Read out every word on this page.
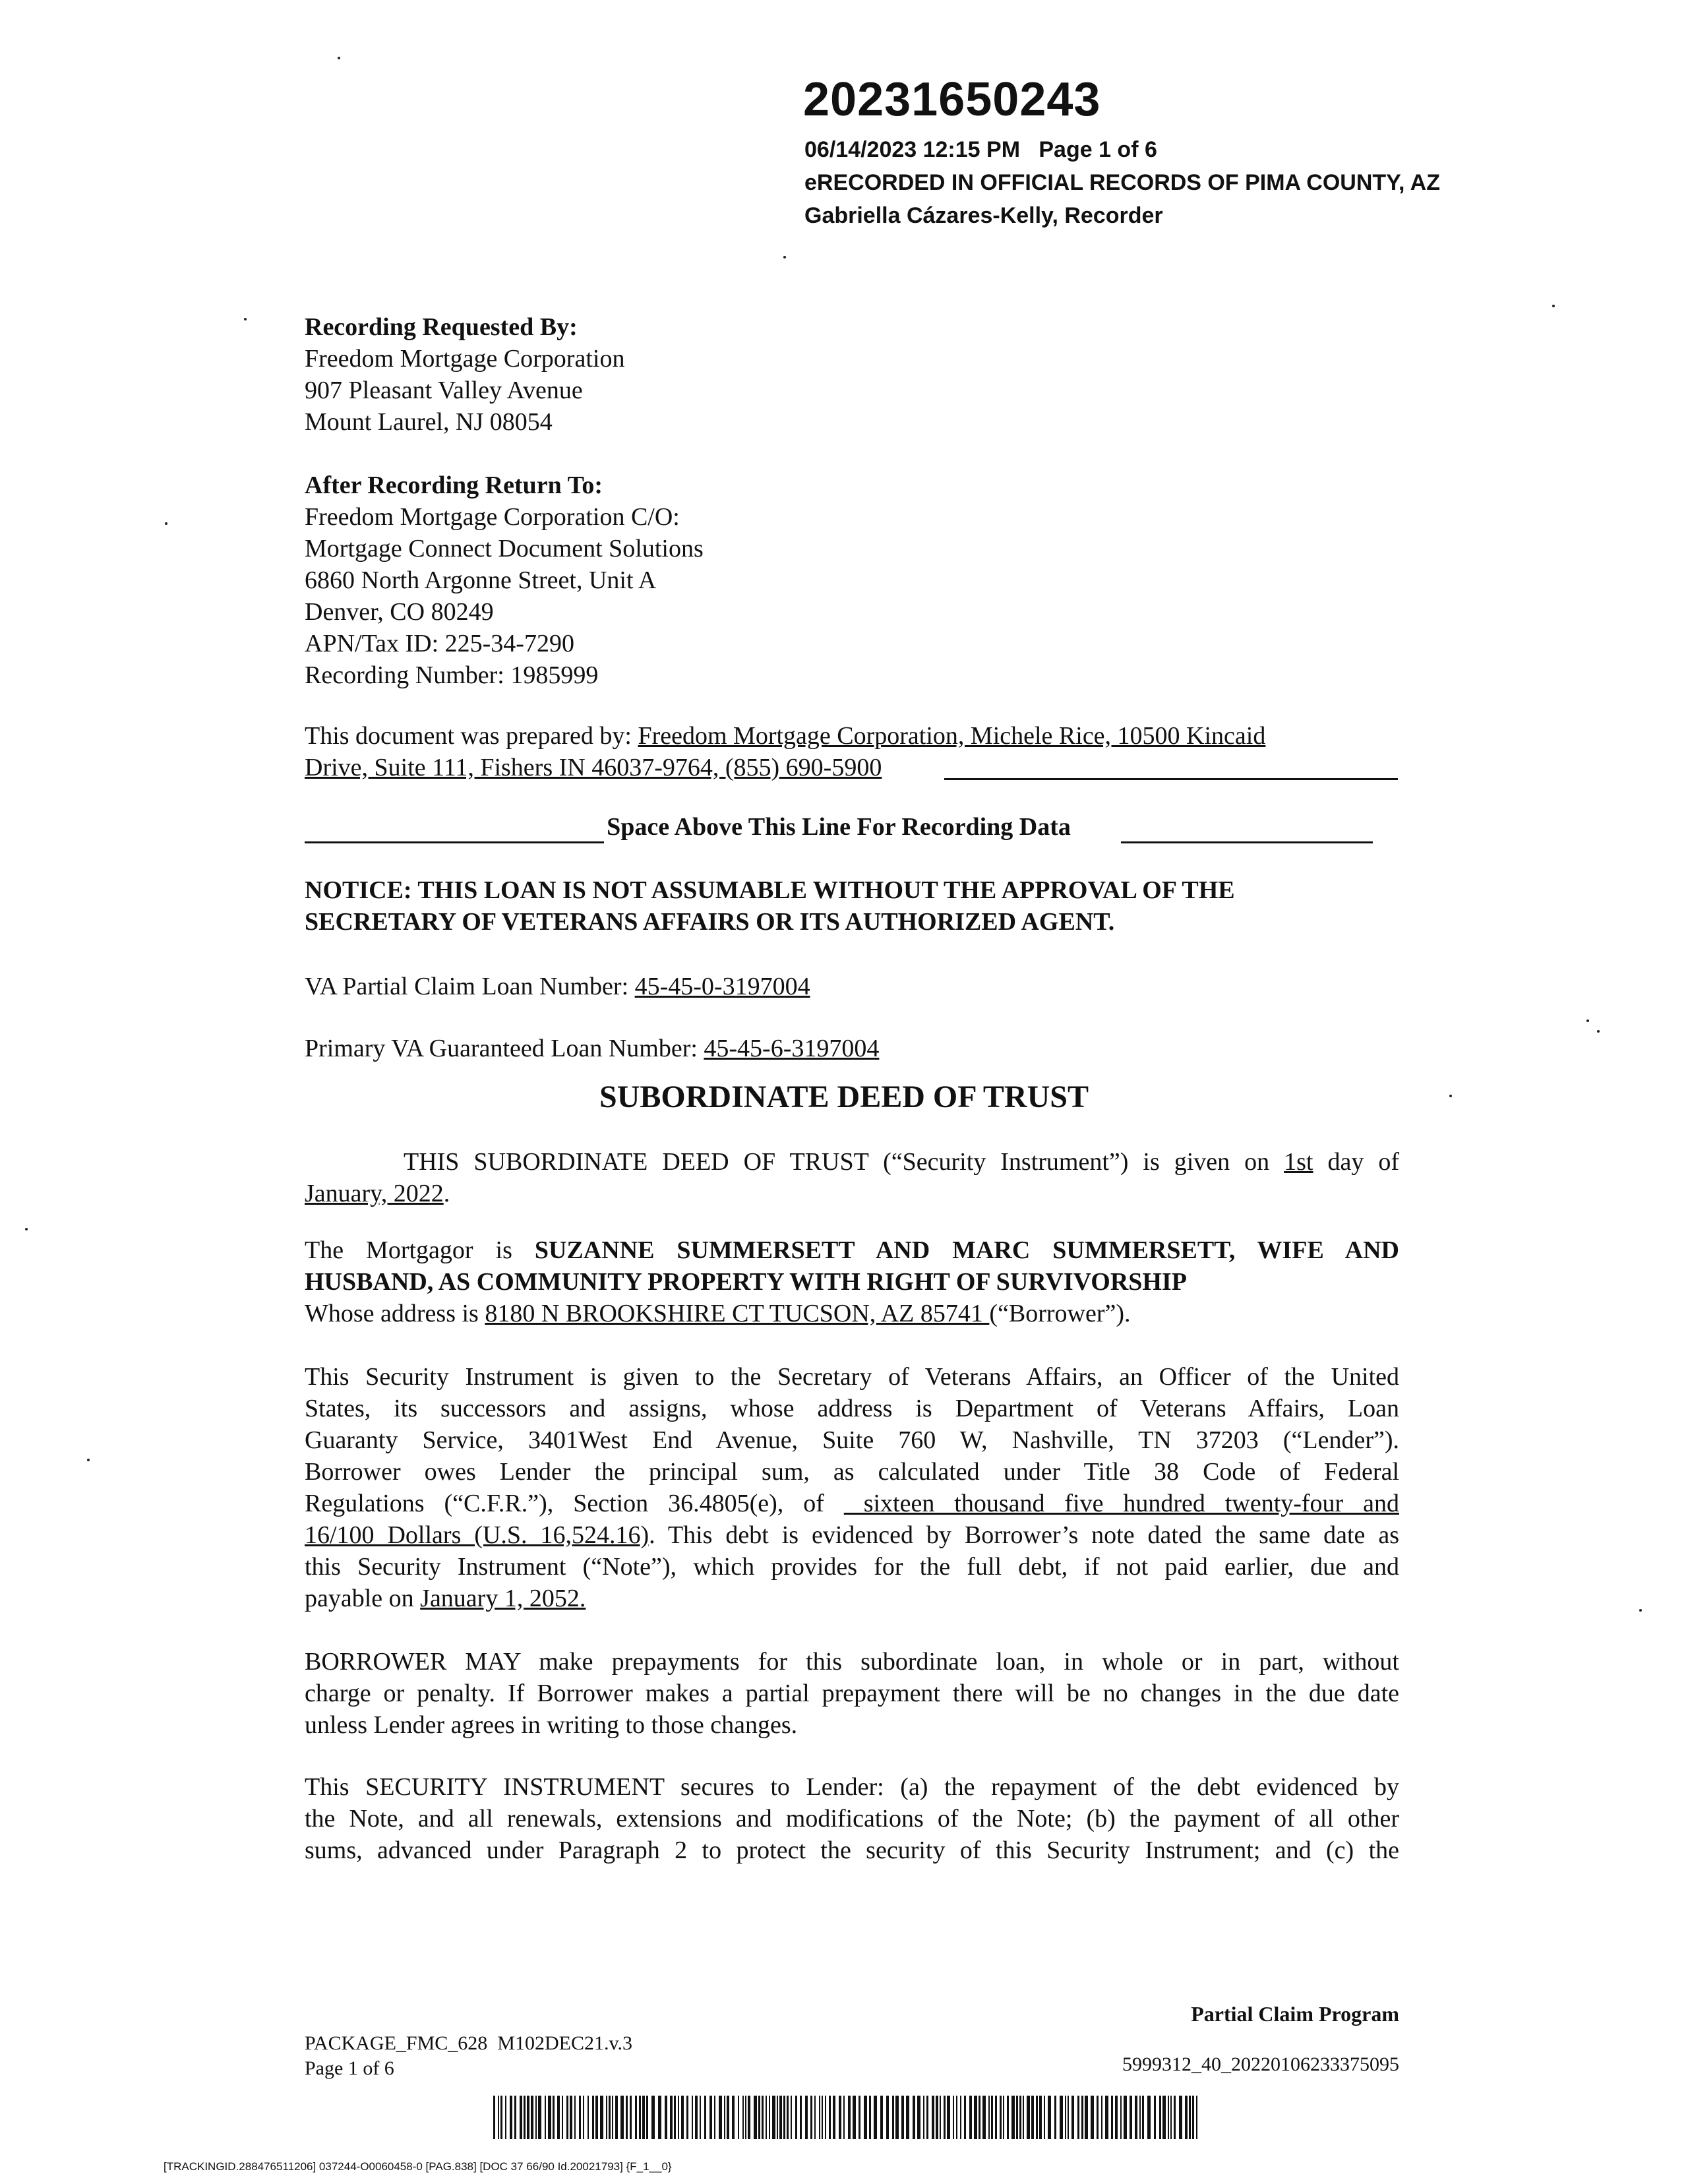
20231650243
06/14/2023 12:15 PM   Page 1 of 6
eRECORDED IN OFFICIAL RECORDS OF PIMA COUNTY, AZ
Gabriella Cázares-Kelly, Recorder
Recording Requested By:
Freedom Mortgage Corporation
907 Pleasant Valley Avenue
Mount Laurel, NJ 08054
After Recording Return To:
Freedom Mortgage Corporation C/O:
Mortgage Connect Document Solutions
6860 North Argonne Street, Unit A
Denver, CO 80249
APN/Tax ID: 225-34-7290
Recording Number: 1985999
This document was prepared by: Freedom Mortgage Corporation, Michele Rice, 10500 Kincaid
Drive, Suite 111, Fishers IN 46037-9764, (855) 690-5900
Space Above This Line For Recording Data
NOTICE: THIS LOAN IS NOT ASSUMABLE WITHOUT THE APPROVAL OF THE
SECRETARY OF VETERANS AFFAIRS OR ITS AUTHORIZED AGENT.
VA Partial Claim Loan Number: 45-45-0-3197004
Primary VA Guaranteed Loan Number: 45-45-6-3197004
SUBORDINATE DEED OF TRUST
THIS SUBORDINATE DEED OF TRUST (“Security Instrument”) is given on 1st day of
January, 2022.
The Mortgagor is SUZANNE SUMMERSETT AND MARC SUMMERSETT, WIFE AND
HUSBAND, AS COMMUNITY PROPERTY WITH RIGHT OF SURVIVORSHIP
Whose address is 8180 N BROOKSHIRE CT TUCSON, AZ 85741 (“Borrower”).
This Security Instrument is given to the Secretary of Veterans Affairs, an Officer of the United
States, its successors and assigns, whose address is Department of Veterans Affairs, Loan
Guaranty Service, 3401West End Avenue, Suite 760 W, Nashville, TN 37203 (“Lender”).
Borrower owes Lender the principal sum, as calculated under Title 38 Code of Federal
Regulations (“C.F.R.”), Section 36.4805(e), of  sixteen thousand five hundred twenty-four and
16/100 Dollars (U.S. 16,524.16). This debt is evidenced by Borrower’s note dated the same date as
this Security Instrument (“Note”), which provides for the full debt, if not paid earlier, due and
payable on January 1, 2052.
BORROWER MAY make prepayments for this subordinate loan, in whole or in part, without
charge or penalty. If Borrower makes a partial prepayment there will be no changes in the due date
unless Lender agrees in writing to those changes.
This SECURITY INSTRUMENT secures to Lender: (a) the repayment of the debt evidenced by
the Note, and all renewals, extensions and modifications of the Note; (b) the payment of all other
sums, advanced under Paragraph 2 to protect the security of this Security Instrument; and (c) the
Partial Claim Program
PACKAGE_FMC_628  M102DEC21.v.3
Page 1 of 6	5999312_40_20220106233375095
[TRACKINGID.288476511206] 037244-O0060458-0 [PAG.838] [DOC 37 66/90 Id.20021793] {F_1__0}
